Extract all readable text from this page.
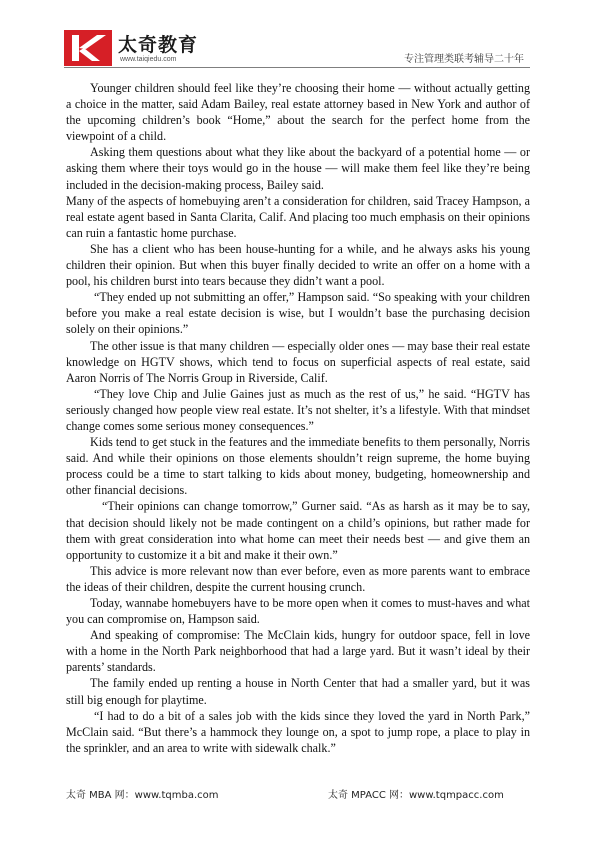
太奇教育
www.taiqiedu.com	专注管理类联考辅导二十年

Younger children should feel like they’re choosing their home — without actually getting a choice in the matter, said Adam Bailey, real estate attorney based in New York and author of the upcoming children’s book “Home,” about the search for the perfect home from the viewpoint of a child.

Asking them questions about what they like about the backyard of a potential home — or asking them where their toys would go in the house — will make them feel like they’re being included in the decision-making process, Bailey said.

Many of the aspects of homebuying aren’t a consideration for children, said Tracey Hampson, a real estate agent based in Santa Clarita, Calif. And placing too much emphasis on their opinions can ruin a fantastic home purchase.

She has a client who has been house-hunting for a while, and he always asks his young children their opinion. But when this buyer finally decided to write an offer on a home with a pool, his children burst into tears because they didn’t want a pool.

“They ended up not submitting an offer,” Hampson said. “So speaking with your children before you make a real estate decision is wise, but I wouldn’t base the purchasing decision solely on their opinions.”

The other issue is that many children — especially older ones — may base their real estate knowledge on HGTV shows, which tend to focus on superficial aspects of real estate, said Aaron Norris of The Norris Group in Riverside, Calif.

“They love Chip and Julie Gaines just as much as the rest of us,” he said. “HGTV has seriously changed how people view real estate. It’s not shelter, it’s a lifestyle. With that mindset change comes some serious money consequences.”

Kids tend to get stuck in the features and the immediate benefits to them personally, Norris said. And while their opinions on those elements shouldn’t reign supreme, the home buying process could be a time to start talking to kids about money, budgeting, homeownership and other financial decisions.

“Their opinions can change tomorrow,” Gurner said. “As as harsh as it may be to say, that decision should likely not be made contingent on a child’s opinions, but rather made for them with great consideration into what home can meet their needs best — and give them an opportunity to customize it a bit and make it their own.”

This advice is more relevant now than ever before, even as more parents want to embrace the ideas of their children, despite the current housing crunch.

Today, wannabe homebuyers have to be more open when it comes to must-haves and what you can compromise on, Hampson said.

And speaking of compromise: The McClain kids, hungry for outdoor space, fell in love with a home in the North Park neighborhood that had a large yard. But it wasn’t ideal by their parents’ standards.

The family ended up renting a house in North Center that had a smaller yard, but it was still big enough for playtime.

“I had to do a bit of a sales job with the kids since they loved the yard in North Park,” McClain said. “But there’s a hammock they lounge on, a spot to jump rope, a place to play in the sprinkler, and an area to write with sidewalk chalk.”

太奇 MBA 网：www.tqmba.com	太奇 MPACC 网：www.tqmpacc.com
